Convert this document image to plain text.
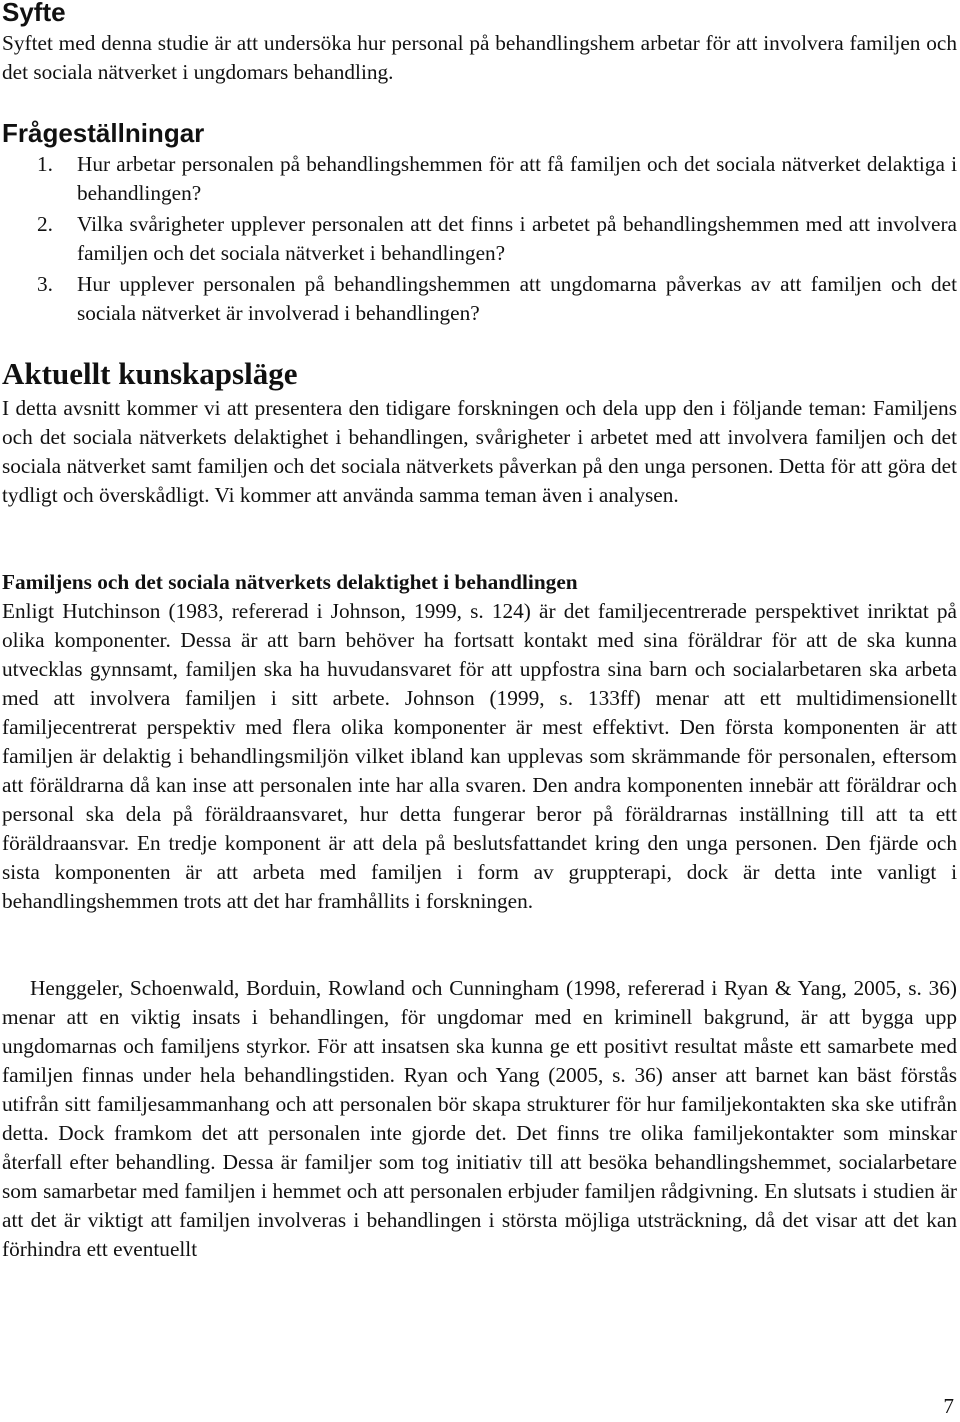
Syfte

Syftet med denna studie är att undersöka hur personal på behandlingshem arbetar för att involvera familjen och det sociala nätverket i ungdomars behandling.

Frågeställningar
1. Hur arbetar personalen på behandlingshemmen för att få familjen och det sociala nätverket delaktiga i behandlingen?
2. Vilka svårigheter upplever personalen att det finns i arbetet på behandlingshemmen med att involvera familjen och det sociala nätverket i behandlingen?
3. Hur upplever personalen på behandlingshemmen att ungdomarna påverkas av att familjen och det sociala nätverket är involverad i behandlingen?
Aktuellt kunskapsläge

I detta avsnitt kommer vi att presentera den tidigare forskningen och dela upp den i följande teman: Familjens och det sociala nätverkets delaktighet i behandlingen, svårigheter i arbetet med att involvera familjen och det sociala nätverket samt familjen och det sociala nätverkets påverkan på den unga personen. Detta för att göra det tydligt och överskådligt. Vi kommer att använda samma teman även i analysen.

Familjens och det sociala nätverkets delaktighet i behandlingen

Enligt Hutchinson (1983, refererad i Johnson, 1999, s. 124) är det familjecentrerade perspektivet inriktat på olika komponenter. Dessa är att barn behöver ha fortsatt kontakt med sina föräldrar för att de ska kunna utvecklas gynnsamt, familjen ska ha huvudansvaret för att uppfostra sina barn och socialarbetaren ska arbeta med att involvera familjen i sitt arbete. Johnson (1999, s. 133ff) menar att ett multidimensionellt familjecentrerat perspektiv med flera olika komponenter är mest effektivt. Den första komponenten är att familjen är delaktig i behandlingsmiljön vilket ibland kan upplevas som skrämmande för personalen, eftersom att föräldrarna då kan inse att personalen inte har alla svaren. Den andra komponenten innebär att föräldrar och personal ska dela på föräldraansvaret, hur detta fungerar beror på föräldrarnas inställning till att ta ett föräldraansvar. En tredje komponent är att dela på beslutsfattandet kring den unga personen. Den fjärde och sista komponenten är att arbeta med familjen i form av gruppterapi, dock är detta inte vanligt i behandlingshemmen trots att det har framhållits i forskningen.

Henggeler, Schoenwald, Borduin, Rowland och Cunningham (1998, refererad i Ryan & Yang, 2005, s. 36) menar att en viktig insats i behandlingen, för ungdomar med en kriminell bakgrund, är att bygga upp ungdomarnas och familjens styrkor. För att insatsen ska kunna ge ett positivt resultat måste ett samarbete med familjen finnas under hela behandlingstiden. Ryan och Yang (2005, s. 36) anser att barnet kan bäst förstås utifrån sitt familjesammanhang och att personalen bör skapa strukturer för hur familjekontakten ska ske utifrån detta. Dock framkom det att personalen inte gjorde det. Det finns tre olika familjekontakter som minskar återfall efter behandling. Dessa är familjer som tog initiativ till att besöka behandlingshemmet, socialarbetare som samarbetar med familjen i hemmet och att personalen erbjuder familjen rådgivning. En slutsats i studien är att det är viktigt att familjen involveras i behandlingen i största möjliga utsträckning, då det visar att det kan förhindra ett eventuellt

7
